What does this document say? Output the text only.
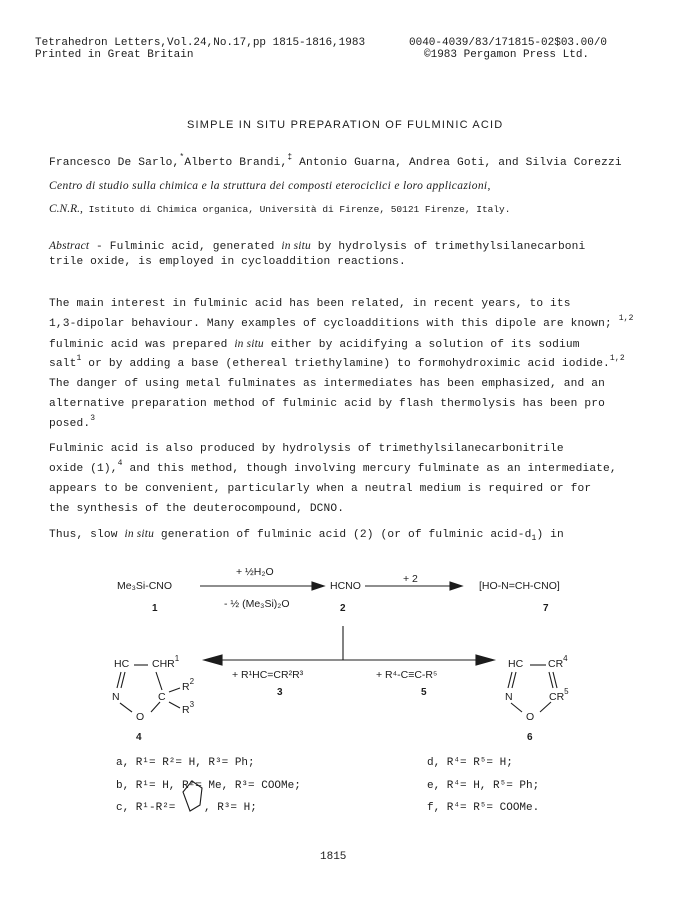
Tetrahedron Letters,Vol.24,No.17,pp 1815-1816,1983
Printed in Great Britain
0040-4039/83/171815-02$03.00/0
©1983 Pergamon Press Ltd.
SIMPLE IN SITU PREPARATION OF FULMINIC ACID
Francesco De Sarlo,*Alberto Brandi,‡ Antonio Guarna, Andrea Goti, and Silvia Corezzi
Centro di studio sulla chimica e la struttura dei composti eterociclici e loro applicazioni,
C.N.R., Istituto di Chimica organica, Università di Firenze, 50121 Firenze, Italy.
Abstract - Fulminic acid, generated in situ by hydrolysis of trimethylsilanecarboni
trile oxide, is employed in cycloaddition reactions.
The main interest in fulminic acid has been related, in recent years, to its
1,3-dipolar behaviour. Many examples of cycloadditions with this dipole are known; $^{1,2}$
fulminic acid was prepared in situ either by acidifying a solution of its sodium
salt$^1$ or by adding a base (ethereal triethylamine) to formohydroximic acid iodide.$^{1,2}$
The danger of using metal fulminates as intermediates has been emphasized, and an
alternative preparation method of fulminic acid by flash thermolysis has been pro
posed.$^3$
Fulminic acid is also produced by hydrolysis of trimethylsilanecarbonitrile
oxide (1),$^4$ and this method, though involving mercury fulminate as an intermediate,
appears to be convenient, particularly when a neutral medium is required or for
the synthesis of the deuterocompound, DCNO.
Thus, slow in situ generation of fulminic acid (2) (or of fulminic acid-$d_1$) in
Me₃Si-CNO
1
+ ½H₂O
- ½ (Me₃Si)₂O
HCNO
2
+ 2
[HO-N=CH-CNO]
7
HC CHR$^1$
N	C
$R^2$
$R^3$
O
4
+ R¹HC=CR²R³
3
+ R⁴-C≡C-R⁵
5
HC $CR^4$
N	$CR^5$
O
6
a, R¹= R²= H, R³= Ph;
b, R¹= H, R²= Me, R³= COOMe;
c, R¹-R²=	, R³= H;
d, R⁴= R⁵= H;
e, R⁴= H, R⁵= Ph;
f, R⁴= R⁵= COOMe.
1815
